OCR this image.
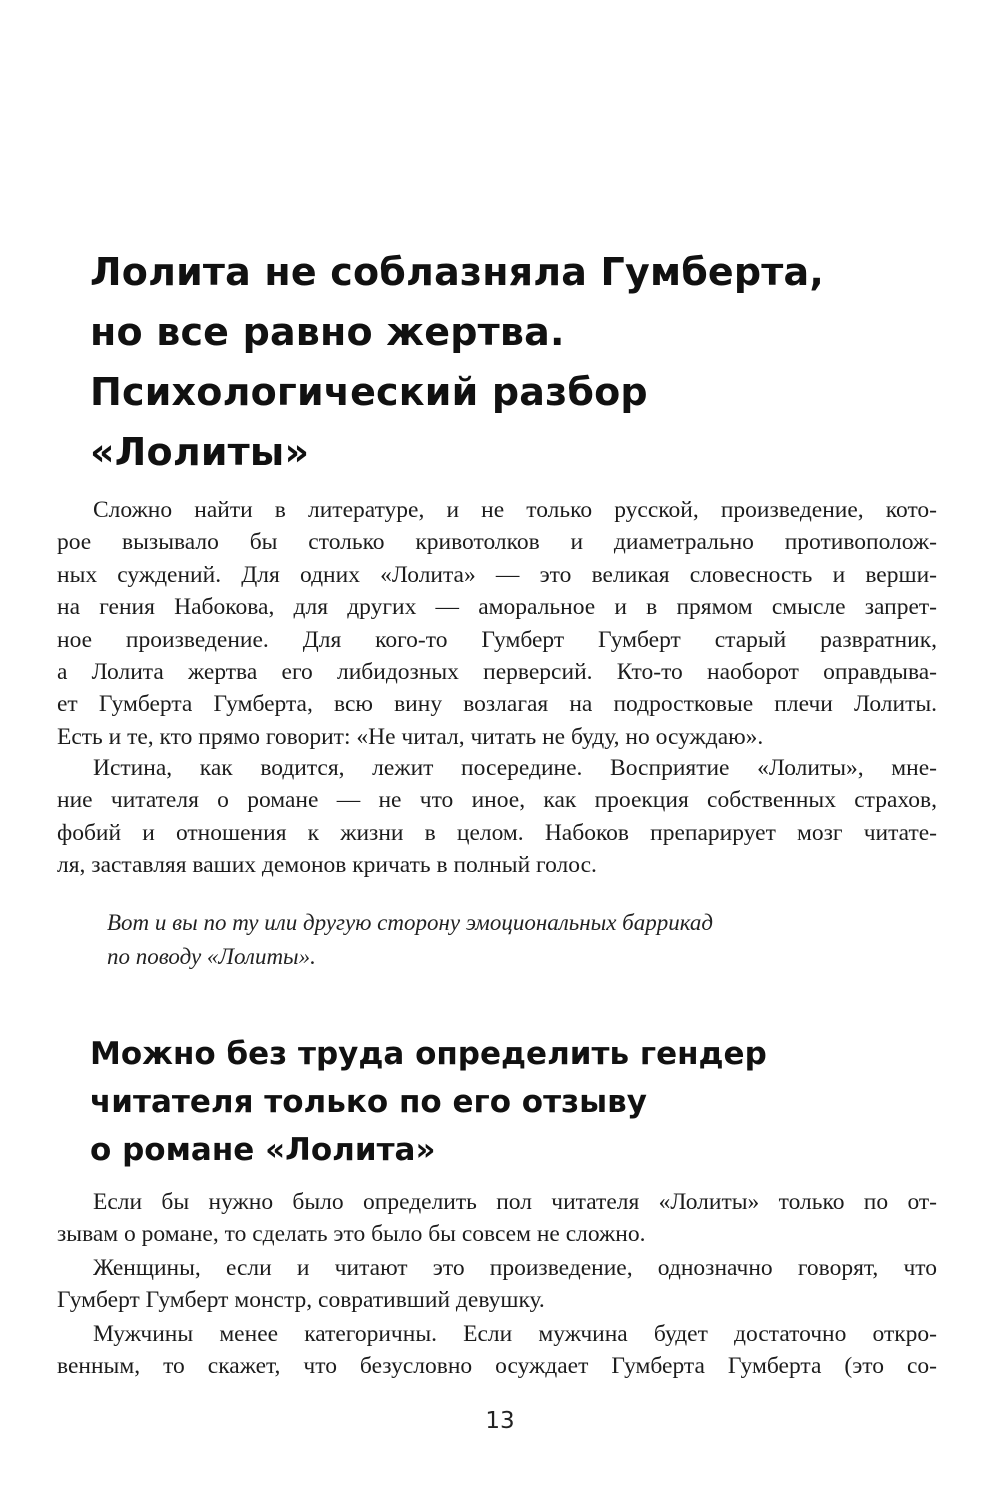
Лолита не соблазняла Гумберта,
но все равно жертва.
Психологический разбор
«Лолиты»
Сложно найти в литературе, и не только русской, произведение, кото-
рое вызывало бы столько кривотолков и диаметрально противополож-
ных суждений. Для одних «Лолита» — это великая словесность и верши-
на гения Набокова, для других — аморальное и в прямом смысле запрет-
ное произведение. Для кого-то Гумберт Гумберт старый развратник,
а Лолита жертва его либидозных перверсий. Кто-то наоборот оправдыва-
ет Гумберта Гумберта, всю вину возлагая на подростковые плечи Лолиты.
Есть и те, кто прямо говорит: «Не читал, читать не буду, но осуждаю».
Истина, как водится, лежит посередине. Восприятие «Лолиты», мне-
ние читателя о романе — не что иное, как проекция собственных страхов,
фобий и отношения к жизни в целом. Набоков препарирует мозг читате-
ля, заставляя ваших демонов кричать в полный голос.
Вот и вы по ту или другую сторону эмоциональных баррикад
по поводу «Лолиты».
Можно без труда определить гендер
читателя только по его отзыву
о романе «Лолита»
Если бы нужно было определить пол читателя «Лолиты» только по от-
зывам о романе, то сделать это было бы совсем не сложно.
Женщины, если и читают это произведение, однозначно говорят, что
Гумберт Гумберт монстр, совративший девушку.
Мужчины менее категоричны. Если мужчина будет достаточно откро-
венным, то скажет, что безусловно осуждает Гумберта Гумберта (это со-
13
